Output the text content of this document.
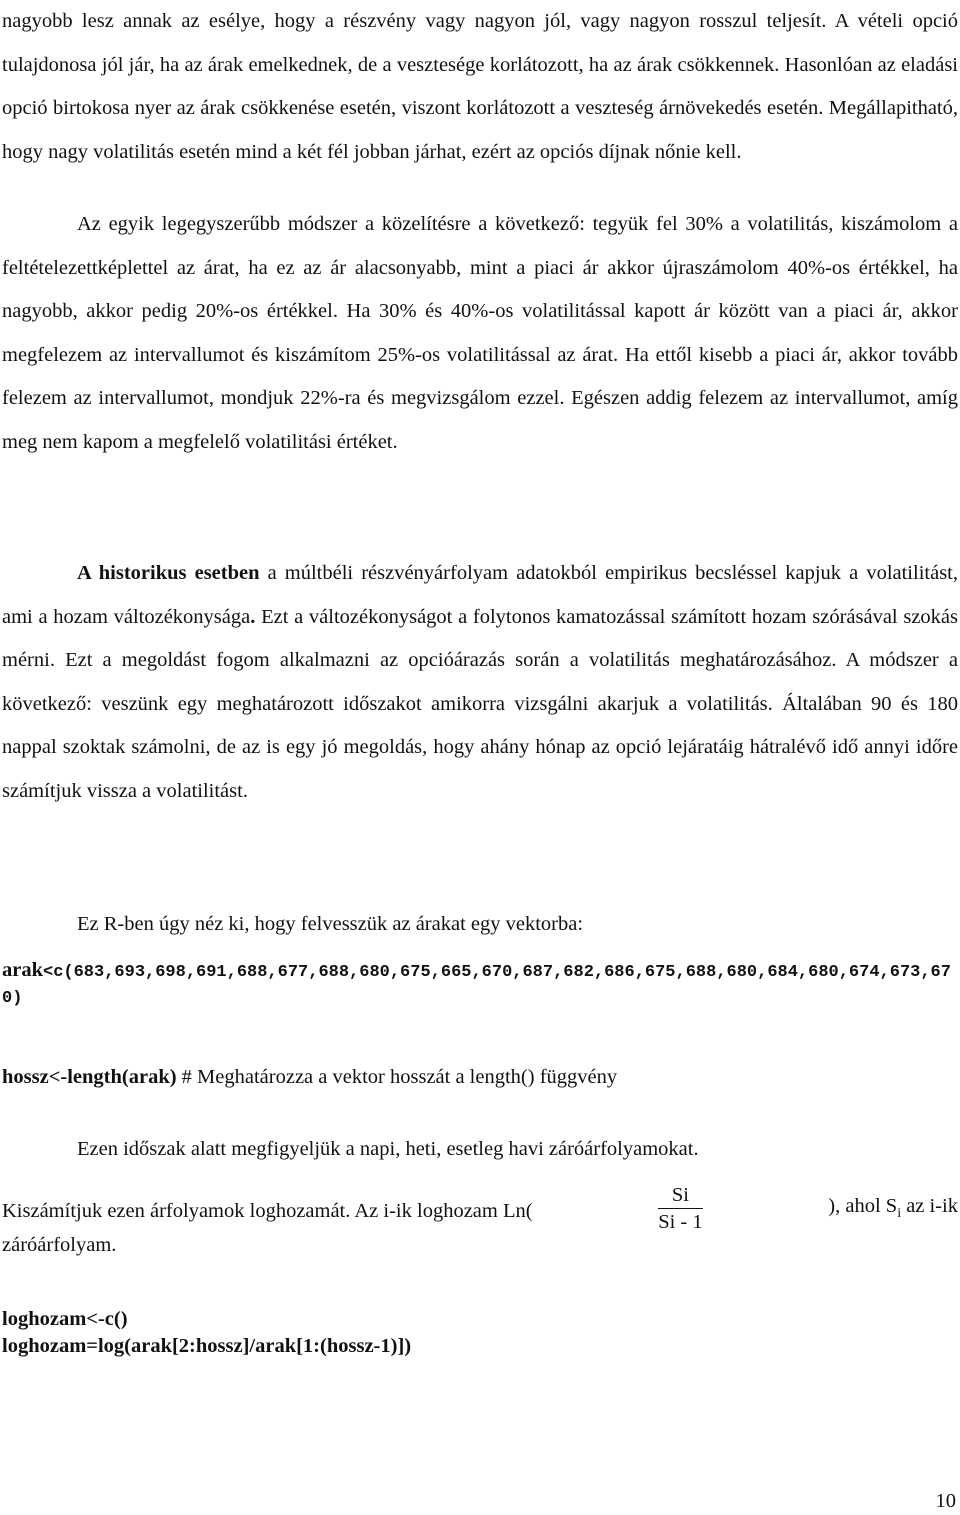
nagyobb lesz annak az esélye, hogy a részvény vagy nagyon jól, vagy nagyon rosszul teljesít. A vételi opció tulajdonosa jól jár, ha az árak emelkednek, de a vesztesége korlátozott, ha az árak csökkennek. Hasonlóan az eladási opció birtokosa nyer az árak csökkenése esetén, viszont korlátozott a veszteség árnövekedés esetén. Megállapitható, hogy nagy volatilitás esetén mind a két fél jobban járhat, ezért az opciós díjnak nőnie kell.

Az egyik legegyszerűbb módszer a közelítésre a következő: tegyük fel 30% a volatilitás, kiszámolom a feltételezettképlettel az árat, ha ez az ár alacsonyabb, mint a piaci ár akkor újraszámolom 40%-os értékkel, ha nagyobb, akkor pedig 20%-os értékkel. Ha 30% és 40%-os volatilitással kapott ár között van a piaci ár, akkor megfelezem az intervallumot és kiszámítom 25%-os volatilitással az árat. Ha ettől kisebb a piaci ár, akkor tovább felezem az intervallumot, mondjuk 22%-ra és megvizsgálom ezzel. Egészen addig felezem az intervallumot, amíg meg nem kapom a megfelelő volatilitási értéket.

A historikus esetben a múltbéli részvényárfolyam adatokból empirikus becsléssel kapjuk a volatilitást, ami a hozam változékonysága. Ezt a változékonyságot a folytonos kamatozással számított hozam szórásával szokás mérni. Ezt a megoldást fogom alkalmazni az opcióárazás során a volatilitás meghatározásához. A módszer a következő: veszünk egy meghatározott időszakot amikorra vizsgálni akarjuk a volatilitás. Általában 90 és 180 nappal szoktak számolni, de az is egy jó megoldás, hogy ahány hónap az opció lejáratáig hátralévő idő annyi időre számítjuk vissza a volatilitást.

Ez R-ben úgy néz ki, hogy felvesszük az árakat egy vektorba:

arak<c(683,693,698,691,688,677,688,680,675,665,670,687,682,686,675,688,680,684,680,674,673,670)
hossz<-length(arak) # Meghatározza a vektor hosszát a length() függvény

Ezen időszak alatt megfigyeljük a napi, heti, esetleg havi záróárfolyamokat.

Kiszámítjuk ezen árfolyamok loghozamát. Az i-ik loghozam Ln(	$\frac{Si}{Si - 1}$	), ahol $S_i$ az i-ik
záróárfolyam.
loghozam<-c()
loghozam=log(arak[2:hossz]/arak[1:(hossz-1)])
10
